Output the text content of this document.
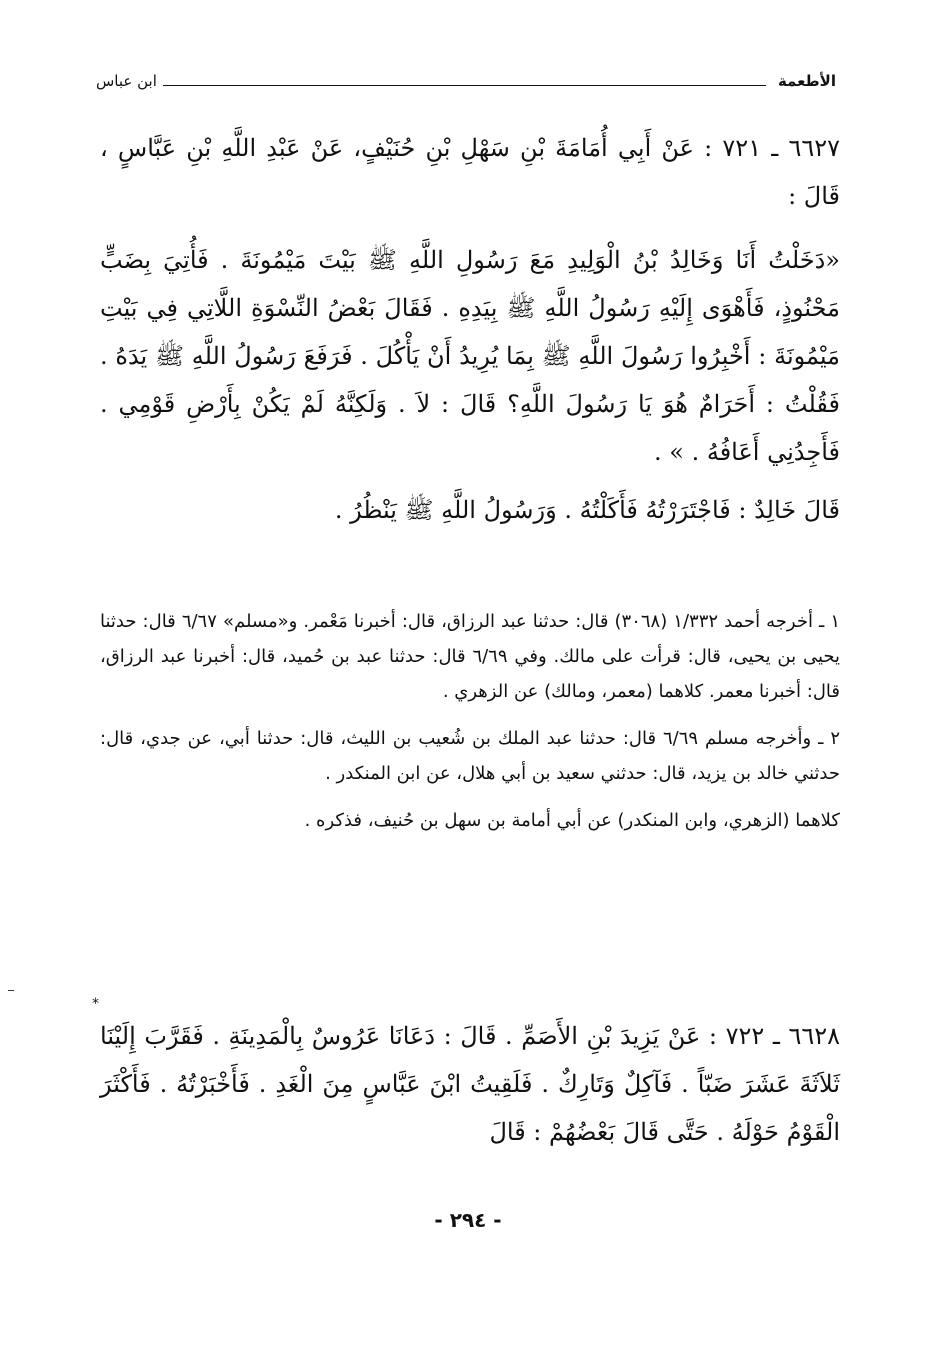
الأطعمة
ابن عباس

٦٦٢٧ ـ ٧٢١ : عَنْ أَبِي أُمَامَةَ بْنِ سَهْلِ بْنِ حُنَيْفٍ، عَنْ عَبْدِ اللَّهِ بْنِ عَبَّاسٍ ، قَالَ :

«دَخَلْتُ أَنَا وَخَالِدُ بْنُ الْوَلِيدِ مَعَ رَسُولِ اللَّهِ ﷺ بَيْتَ مَيْمُونَةَ . فَأُتِيَ بِضَبٍّ مَحْنُوذٍ، فَأَهْوَى إِلَيْهِ رَسُولُ اللَّهِ ﷺ بِيَدِهِ . فَقَالَ بَعْضُ النِّسْوَةِ اللَّاتِي فِي بَيْتِ مَيْمُونَةَ : أَخْبِرُوا رَسُولَ اللَّهِ ﷺ بِمَا يُرِيدُ أَنْ يَأْكُلَ . فَرَفَعَ رَسُولُ اللَّهِ ﷺ يَدَهُ . فَقُلْتُ : أَحَرَامٌ هُوَ يَا رَسُولَ اللَّهِ؟ قَالَ : لاَ . وَلَكِنَّهُ لَمْ يَكُنْ بِأَرْضِ قَوْمِي . فَأَجِدُنِي أَعَافُهُ . » .

قَالَ خَالِدٌ : فَاجْتَرَرْتُهُ فَأَكَلْتُهُ . وَرَسُولُ اللَّهِ ﷺ يَنْظُرُ .

١ ـ أخرجه أحمد ١/٣٣٢ (٣٠٦٨) قال: حدثنا عبد الرزاق، قال: أخبرنا مَعْمر. و«مسلم» ٦/٦٧ قال: حدثنا يحيى بن يحيى، قال: قرأت على مالك. وفي ٦/٦٩ قال: حدثنا عبد بن حُميد، قال: أخبرنا عبد الرزاق، قال: أخبرنا معمر. كلاهما (معمر، ومالك) عن الزهري .

٢ ـ وأخرجه مسلم ٦/٦٩ قال: حدثنا عبد الملك بن شُعيب بن الليث، قال: حدثنا أبي، عن جدي، قال: حدثني خالد بن يزيد، قال: حدثني سعيد بن أبي هلال، عن ابن المنكدر .

كلاهما (الزهري، وابن المنكدر) عن أبي أمامة بن سهل بن حُنيف، فذكره .

*

٦٦٢٨ ـ ٧٢٢ : عَنْ يَزِيدَ بْنِ الأَصَمِّ . قَالَ : دَعَانَا عَرُوسٌ بِالْمَدِينَةِ . فَقَرَّبَ إِلَيْنَا ثَلاَثَةَ عَشَرَ ضَبّاً . فَآكِلٌ وَتَارِكٌ . فَلَقِيتُ ابْنَ عَبَّاسٍ مِنَ الْغَدِ . فَأَخْبَرْتُهُ . فَأَكْثَرَ الْقَوْمُ حَوْلَهُ . حَتَّى قَالَ بَعْضُهُمْ : قَالَ

- ٢٩٤ -
